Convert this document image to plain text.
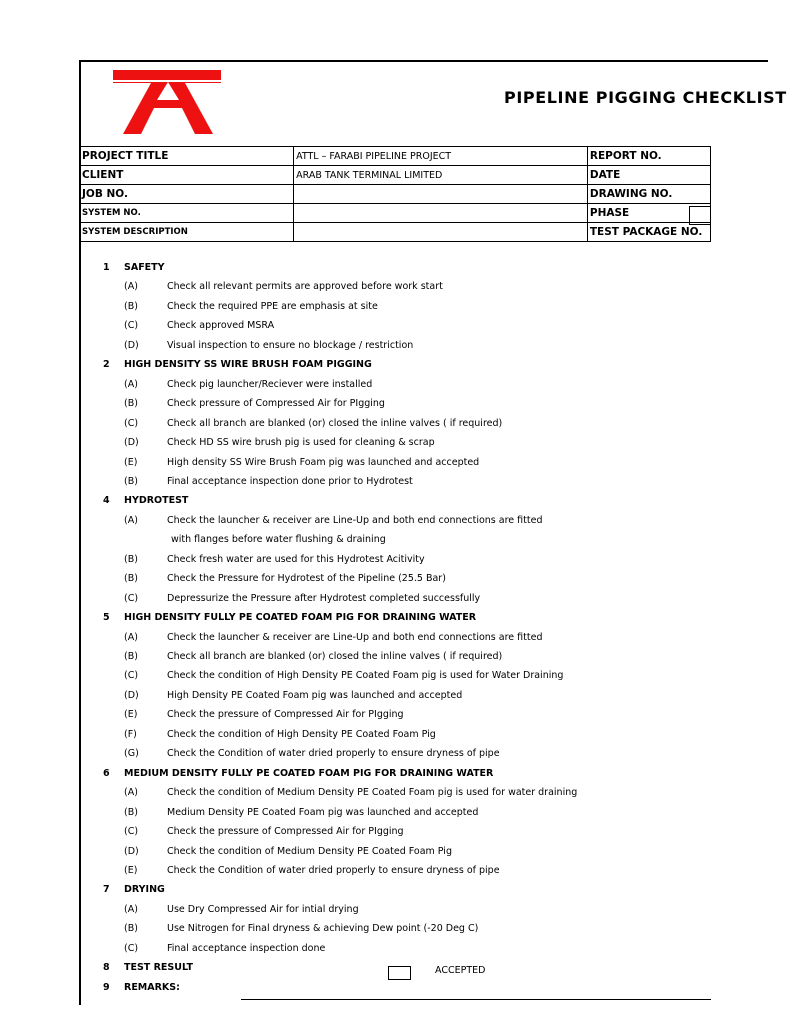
PIPELINE PIGGING CHECKLIST
PROJECT TITLE	ATTL – FARABI PIPELINE PROJECT	REPORT NO.
CLIENT	ARAB TANK TERMINAL LIMITED	DATE
JOB NO.		DRAWING NO.
SYSTEM NO.		PHASE
SYSTEM DESCRIPTION		TEST PACKAGE NO.
1 SAFETY
(A)	Check all relevant permits are approved before work start
(B)	Check the required PPE are emphasis at site
(C)	Check approved MSRA
(D)	Visual inspection to ensure no blockage / restriction
2 HIGH DENSITY SS WIRE BRUSH FOAM PIGGING
(A)	Check pig launcher/Reciever were installed
(B)	Check pressure of Compressed Air for PIgging
(C)	Check all branch are blanked (or) closed the inline valves ( if required)
(D)	Check HD SS wire brush pig is used for cleaning & scrap
(E)	High density SS Wire Brush Foam pig was launched and accepted
(B)	Final acceptance inspection done prior to Hydrotest
4 HYDROTEST
(A)	Check the launcher & receiver are Line-Up and both end connections are fitted
with flanges before water flushing & draining
(B)	Check fresh water are used for this Hydrotest Acitivity
(B)	Check the Pressure for Hydrotest of the Pipeline (25.5 Bar)
(C)	Depressurize the Pressure after Hydrotest completed successfully
5 HIGH DENSITY FULLY PE COATED FOAM PIG FOR DRAINING WATER
(A)	Check the launcher & receiver are Line-Up and both end connections are fitted
(B)	Check all branch are blanked (or) closed the inline valves ( if required)
(C)	Check the condition of High Density PE Coated Foam pig is used for Water Draining
(D)	High Density PE Coated Foam pig was launched and accepted
(E)	Check the pressure of Compressed Air for PIgging
(F)	Check the condition of High Density PE Coated Foam Pig
(G)	Check the Condition of water dried properly to ensure dryness of pipe
6 MEDIUM DENSITY FULLY PE COATED FOAM PIG FOR DRAINING WATER
(A)	Check the condition of Medium Density PE Coated Foam pig is used for water draining
(B)	Medium Density PE Coated Foam pig was launched and accepted
(C)	Check the pressure of Compressed Air for PIgging
(D)	Check the condition of Medium Density PE Coated Foam Pig
(E)	Check the Condition of water dried properly to ensure dryness of pipe
7 DRYING
(A)	Use Dry Compressed Air for intial drying
(B)	Use Nitrogen for Final dryness & achieving Dew point (-20 Deg C)
(C)	Final acceptance inspection done
8 TEST RESULT
9 REMARKS:
ACCEPTED
